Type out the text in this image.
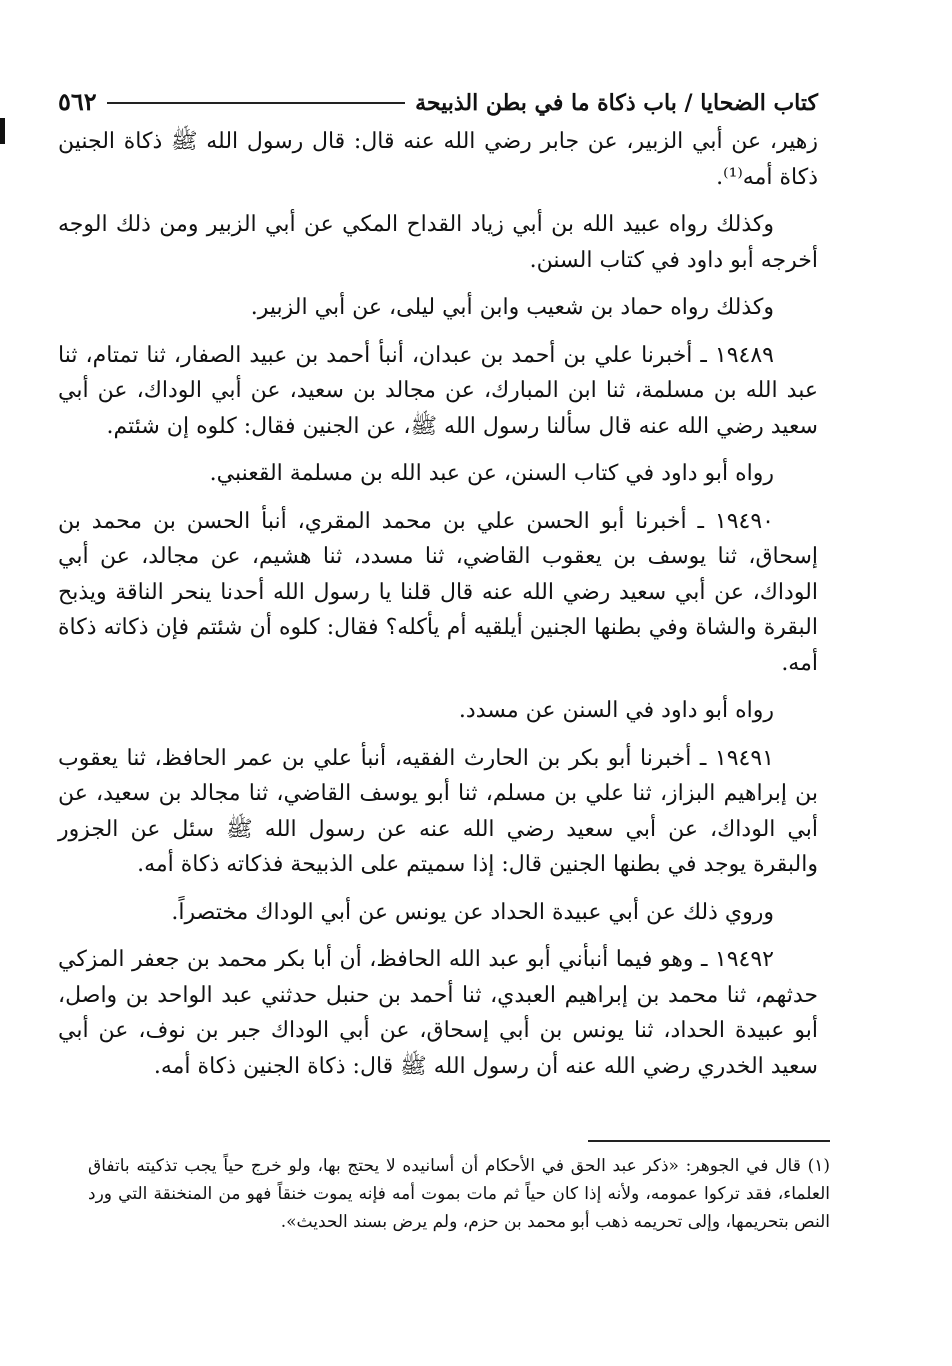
كتاب الضحايا / باب ذكاة ما في بطن الذبيحة
٥٦٢

زهير، عن أبي الزبير، عن جابر رضي الله عنه قال: قال رسول الله ﷺ ذكاة الجنين ذكاة أمه⁽¹⁾.

وكذلك رواه عبيد الله بن أبي زياد القداح المكي عن أبي الزبير ومن ذلك الوجه أخرجه أبو داود في كتاب السنن.

وكذلك رواه حماد بن شعيب وابن أبي ليلى، عن أبي الزبير.

١٩٤٨٩ ـ أخبرنا علي بن أحمد بن عبدان، أنبأ أحمد بن عبيد الصفار، ثنا تمتام، ثنا عبد الله بن مسلمة، ثنا ابن المبارك، عن مجالد بن سعيد، عن أبي الوداك، عن أبي سعيد رضي الله عنه قال سألنا رسول الله ﷺ، عن الجنين فقال: كلوه إن شئتم.

رواه أبو داود في كتاب السنن، عن عبد الله بن مسلمة القعنبي.

١٩٤٩٠ ـ أخبرنا أبو الحسن علي بن محمد المقري، أنبأ الحسن بن محمد بن إسحاق، ثنا يوسف بن يعقوب القاضي، ثنا مسدد، ثنا هشيم، عن مجالد، عن أبي الوداك، عن أبي سعيد رضي الله عنه قال قلنا يا رسول الله أحدنا ينحر الناقة ويذبح البقرة والشاة وفي بطنها الجنين أيلقيه أم يأكله؟ فقال: كلوه أن شئتم فإن ذكاته ذكاة أمه.

رواه أبو داود في السنن عن مسدد.

١٩٤٩١ ـ أخبرنا أبو بكر بن الحارث الفقيه، أنبأ علي بن عمر الحافظ، ثنا يعقوب بن إبراهيم البزاز، ثنا علي بن مسلم، ثنا أبو يوسف القاضي، ثنا مجالد بن سعيد، عن أبي الوداك، عن أبي سعيد رضي الله عنه عن رسول الله ﷺ سئل عن الجزور والبقرة يوجد في بطنها الجنين قال: إذا سميتم على الذبيحة فذكاته ذكاة أمه.

وروي ذلك عن أبي عبيدة الحداد عن يونس عن أبي الوداك مختصراً.

١٩٤٩٢ ـ وهو فيما أنبأني أبو عبد الله الحافظ، أن أبا بكر محمد بن جعفر المزكي حدثهم، ثنا محمد بن إبراهيم العبدي، ثنا أحمد بن حنبل حدثني عبد الواحد بن واصل، أبو عبيدة الحداد، ثنا يونس بن أبي إسحاق، عن أبي الوداك جبر بن نوف، عن أبي سعيد الخدري رضي الله عنه أن رسول الله ﷺ قال: ذكاة الجنين ذكاة أمه.

(١) قال في الجوهر: «ذكر عبد الحق في الأحكام أن أسانيده لا يحتج بها، ولو خرج حياً يجب تذكيته باتفاق العلماء، فقد تركوا عمومه، ولأنه إذا كان حياً ثم مات بموت أمه فإنه يموت خنقاً فهو من المنخنقة التي ورد النص بتحريمها، وإلى تحريمه ذهب أبو محمد بن حزم، ولم يرض بسند الحديث».
